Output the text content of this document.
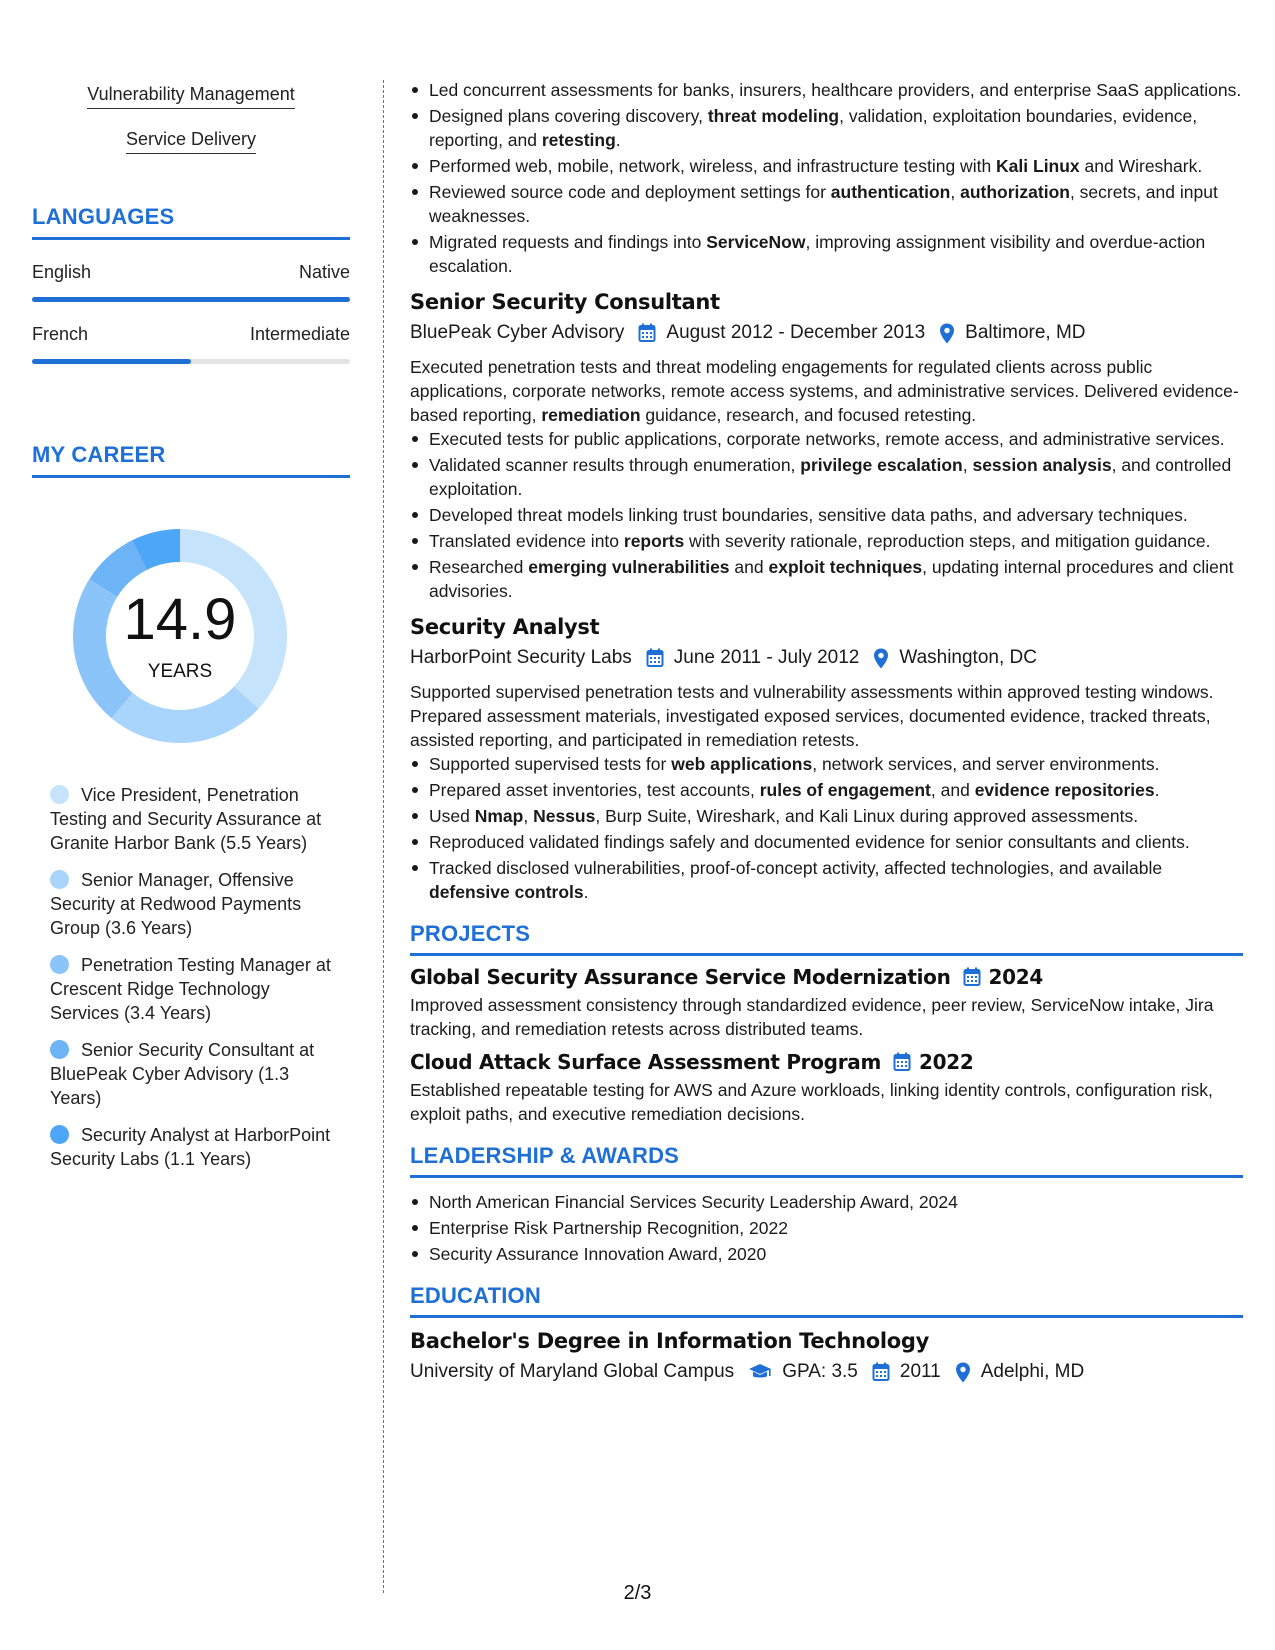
Vulnerability Management
Service Delivery
LANGUAGES
English	Native
French	Intermediate
MY CAREER
14.9
YEARS
Vice President, Penetration Testing and Security Assurance at Granite Harbor Bank (5.5 Years)
Senior Manager, Offensive Security at Redwood Payments Group (3.6 Years)
Penetration Testing Manager at Crescent Ridge Technology Services (3.4 Years)
Senior Security Consultant at BluePeak Cyber Advisory (1.3 Years)
Security Analyst at HarborPoint Security Labs (1.1 Years)
Led concurrent assessments for banks, insurers, healthcare providers, and enterprise SaaS applications.
Designed plans covering discovery, threat modeling, validation, exploitation boundaries, evidence, reporting, and retesting.
Performed web, mobile, network, wireless, and infrastructure testing with Kali Linux and Wireshark.
Reviewed source code and deployment settings for authentication, authorization, secrets, and input weaknesses.
Migrated requests and findings into ServiceNow, improving assignment visibility and overdue-action escalation.
Senior Security Consultant
BluePeak Cyber Advisory August 2012 - December 2013 Baltimore, MD
Executed penetration tests and threat modeling engagements for regulated clients across public applications, corporate networks, remote access systems, and administrative services. Delivered evidence-based reporting, remediation guidance, research, and focused retesting.
Executed tests for public applications, corporate networks, remote access, and administrative services.
Validated scanner results through enumeration, privilege escalation, session analysis, and controlled exploitation.
Developed threat models linking trust boundaries, sensitive data paths, and adversary techniques.
Translated evidence into reports with severity rationale, reproduction steps, and mitigation guidance.
Researched emerging vulnerabilities and exploit techniques, updating internal procedures and client advisories.
Security Analyst
HarborPoint Security Labs June 2011 - July 2012 Washington, DC
Supported supervised penetration tests and vulnerability assessments within approved testing windows. Prepared assessment materials, investigated exposed services, documented evidence, tracked threats, assisted reporting, and participated in remediation retests.
Supported supervised tests for web applications, network services, and server environments.
Prepared asset inventories, test accounts, rules of engagement, and evidence repositories.
Used Nmap, Nessus, Burp Suite, Wireshark, and Kali Linux during approved assessments.
Reproduced validated findings safely and documented evidence for senior consultants and clients.
Tracked disclosed vulnerabilities, proof-of-concept activity, affected technologies, and available defensive controls.
PROJECTS
Global Security Assurance Service Modernization 2024
Improved assessment consistency through standardized evidence, peer review, ServiceNow intake, Jira tracking, and remediation retests across distributed teams.
Cloud Attack Surface Assessment Program 2022
Established repeatable testing for AWS and Azure workloads, linking identity controls, configuration risk, exploit paths, and executive remediation decisions.
LEADERSHIP & AWARDS
North American Financial Services Security Leadership Award, 2024
Enterprise Risk Partnership Recognition, 2022
Security Assurance Innovation Award, 2020
EDUCATION
Bachelor's Degree in Information Technology
University of Maryland Global Campus	GPA: 3.5 2011 Adelphi, MD
2/3
